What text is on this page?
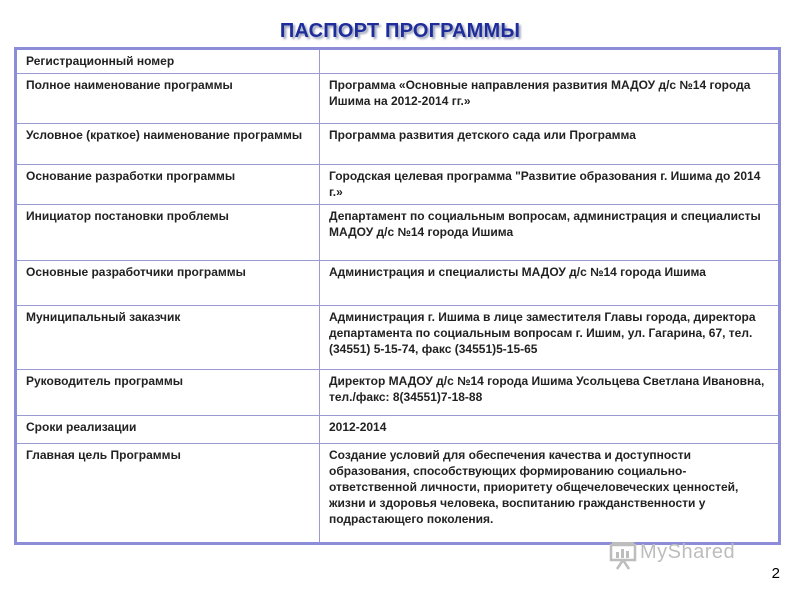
ПАСПОРТ ПРОГРАММЫ
Регистрационный номер	
Полное наименование программы	Программа «Основные направления развития МАДОУ д/с №14 города Ишима на 2012-2014 гг.»
Условное (краткое) наименование программы	Программа развития детского сада или Программа
Основание разработки программы	Городская целевая программа "Развитие образования г. Ишима до 2014 г.»
Инициатор постановки проблемы	Департамент по социальным вопросам, администрация и специалисты МАДОУ д/с №14 города Ишима
Основные разработчики программы	Администрация и специалисты МАДОУ д/с №14 города Ишима
Муниципальный заказчик	Администрация г. Ишима в лице заместителя Главы города, директора департамента по социальным вопросам г. Ишим, ул. Гагарина, 67, тел. (34551) 5-15-74, факс (34551)5-15-65
Руководитель программы	Директор МАДОУ д/с №14 города Ишима Усольцева Светлана Ивановна, тел./факс: 8(34551)7-18-88
Сроки реализации	2012-2014
Главная цель Программы	Создание условий для обеспечения качества и доступности образования, способствующих формированию социально-ответственной личности, приоритету общечеловеческих ценностей, жизни и здоровья человека, воспитанию гражданственности у подрастающего поколения.
MyShared
2
